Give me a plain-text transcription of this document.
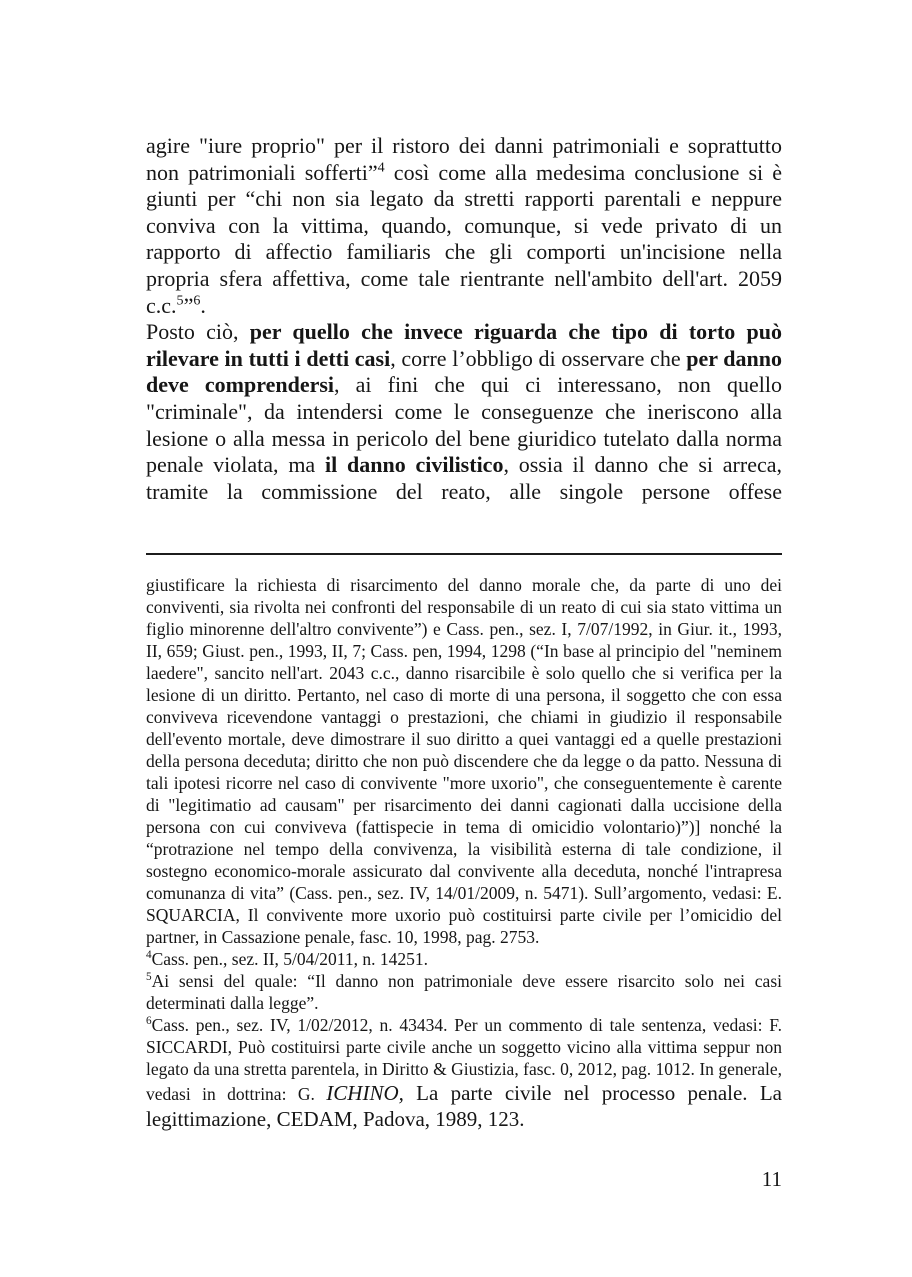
agire "iure proprio" per il ristoro dei danni patrimoniali e soprattutto non patrimoniali sofferti”$^4$ così come alla medesima conclusione si è giunti per “chi non sia legato da stretti rapporti parentali e neppure conviva con la vittima, quando, comunque, si vede privato di un rapporto di affectio familiaris che gli comporti un'incisione nella propria sfera affettiva, come tale rientrante nell'ambito dell'art. 2059 c.c.$^5$”$^6$.

Posto ciò, per quello che invece riguarda che tipo di torto può rilevare in tutti i detti casi, corre l’obbligo di osservare che per danno deve comprendersi, ai fini che qui ci interessano, non quello "criminale", da intendersi come le conseguenze che ineriscono alla lesione o alla messa in pericolo del bene giuridico tutelato dalla norma penale violata, ma il danno civilistico, ossia il danno che si arreca, tramite la commissione del reato, alle singole persone offese

giustificare la richiesta di risarcimento del danno morale che, da parte di uno dei conviventi, sia rivolta nei confronti del responsabile di un reato di cui sia stato vittima un figlio minorenne dell'altro convivente”) e Cass. pen., sez. I, 7/07/1992, in Giur. it., 1993, II, 659; Giust. pen., 1993, II, 7; Cass. pen, 1994, 1298 (“In base al principio del "neminem laedere", sancito nell'art. 2043 c.c., danno risarcibile è solo quello che si verifica per la lesione di un diritto. Pertanto, nel caso di morte di una persona, il soggetto che con essa conviveva ricevendone vantaggi o prestazioni, che chiami in giudizio il responsabile dell'evento mortale, deve dimostrare il suo diritto a quei vantaggi ed a quelle prestazioni della persona deceduta; diritto che non può discendere che da legge o da patto. Nessuna di tali ipotesi ricorre nel caso di convivente "more uxorio", che conseguentemente è carente di "legitimatio ad causam" per risarcimento dei danni cagionati dalla uccisione della persona con cui conviveva (fattispecie in tema di omicidio volontario)”)] nonché la “protrazione nel tempo della convivenza, la visibilità esterna di tale condizione, il sostegno economico-morale assicurato dal convivente alla deceduta, nonché l'intrapresa comunanza di vita” (Cass. pen., sez. IV, 14/01/2009, n. 5471). Sull’argomento, vedasi: E. SQUARCIA, Il convivente more uxorio può costituirsi parte civile per l’omicidio del partner, in Cassazione penale, fasc. 10, 1998, pag. 2753.
$^4$Cass. pen., sez. II, 5/04/2011, n. 14251.
$^5$Ai sensi del quale: “Il danno non patrimoniale deve essere risarcito solo nei casi determinati dalla legge”.
$^6$Cass. pen., sez. IV, 1/02/2012, n. 43434. Per un commento di tale sentenza, vedasi: F. SICCARDI, Può costituirsi parte civile anche un soggetto vicino alla vittima seppur non legato da una stretta parentela, in Diritto & Giustizia, fasc. 0, 2012, pag. 1012. In generale, vedasi in dottrina: G. ICHINO, La parte civile nel processo penale. La legittimazione, CEDAM, Padova, 1989, 123.
11
